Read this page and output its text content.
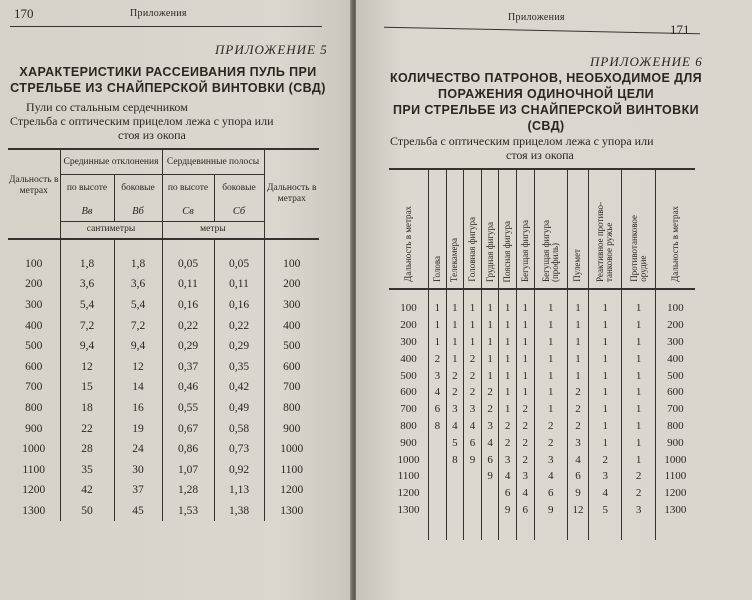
170	Приложения
ПРИЛОЖЕНИЕ 5
ХАРАКТЕРИСТИКИ РАССЕИВАНИЯ ПУЛЬ ПРИ
СТРЕЛЬБЕ ИЗ СНАЙПЕРСКОЙ ВИНТОВКИ (СВД)
Пули со стальным сердечником
Стрельба с оптическим прицелом лежа с упора или
стоя из окопа
Дальность в метрах	Срединные отклонения		Сердцевинные полосы		Дальность в метрах
	по высоте	боковые	по высоте	боковые	
	Вв	Вб	Св	Сб	
	сантиметры		метры		

100	1,8	1,8	0,05	0,05	100
200	3,6	3,6	0,11	0,11	200
300	5,4	5,4	0,16	0,16	300
400	7,2	7,2	0,22	0,22	400
500	9,4	9,4	0,29	0,29	500
600	12	12	0,37	0,35	600
700	15	14	0,46	0,42	700
800	18	16	0,55	0,49	800
900	22	19	0,67	0,58	900
1000	28	24	0,86	0,73	1000
1100	35	30	1,07	0,92	1100
1200	42	37	1,28	1,13	1200
1300	50	45	1,53	1,38	1300
Приложения
171
ПРИЛОЖЕНИЕ 6
КОЛИЧЕСТВО ПАТРОНОВ, НЕОБХОДИМОЕ ДЛЯ
ПОРАЖЕНИЯ ОДИНОЧНОЙ ЦЕЛИ
ПРИ СТРЕЛЬБЕ ИЗ СНАЙПЕРСКОЙ ВИНТОВКИ
(СВД)
Стрельба с оптическим прицелом лежа с упора или
стоя из окопа
Дальность в метрах	Голова	Телекамера	Головная фигура	Грудная фигура	Поясная фигура	Бегущая фигура	Бегущая фигура
(профиль)	Пулемет	Реактивное противо-
танковое ружье	Противотанковое
орудие	Дальность в метрах

100	1	1	1	1	1	1	1	1	1	1	100
200	1	1	1	1	1	1	1	1	1	1	200
300	1	1	1	1	1	1	1	1	1	1	300
400	2	1	2	1	1	1	1	1	1	1	400
500	3	2	2	1	1	1	1	1	1	1	500
600	4	2	2	2	1	1	1	2	1	1	600
700	6	3	3	2	1	2	1	2	1	1	700
800	8	4	4	3	2	2	2	2	1	1	800
900		5	6	4	2	2	2	3	1	1	900
1000		8	9	6	3	2	3	4	2	1	1000
1100				9	4	3	4	6	3	2	1100
1200					6	4	6	9	4	2	1200
1300					9	6	9	12	5	3	1300
